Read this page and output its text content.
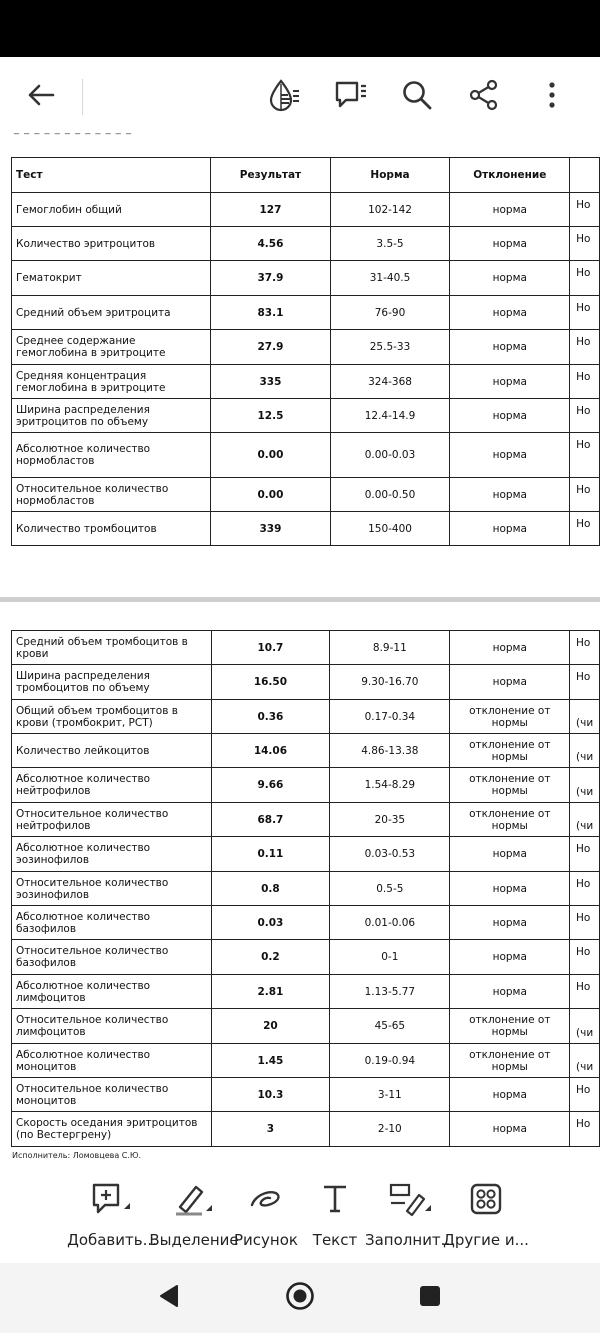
‾ ‾ ‾ ‾ ‾ ‾ ‾ ‾ ‾ ‾ ‾ ‾
Тест	Результат	Норма	Отклонение	
Гемоглобин общий	127	102-142	норма	Но
Количество эритроцитов	4.56	3.5-5	норма	Но
Гематокрит	37.9	31-40.5	норма	Но
Средний объем эритроцита	83.1	76-90	норма	Но
Среднее содержание гемоглобина в эритроците	27.9	25.5-33	норма	Но
Средняя концентрация гемоглобина в эритроците	335	324-368	норма	Но
Ширина распределения эритроцитов по объему	12.5	12.4-14.9	норма	Но
Абсолютное количество нормобластов	0.00	0.00-0.03	норма	Но
Относительное количество нормобластов	0.00	0.00-0.50	норма	Но
Количество тромбоцитов	339	150-400	норма	Но
Средний объем тромбоцитов в крови	10.7	8.9-11	норма	Но
Ширина распределения тромбоцитов по объему	16.50	9.30-16.70	норма	Но
Общий объем тромбоцитов в крови (тромбокрит, PCT)	0.36	0.17-0.34	отклонение от нормы	(чи
Количество лейкоцитов	14.06	4.86-13.38	отклонение от нормы	(чи
Абсолютное количество нейтрофилов	9.66	1.54-8.29	отклонение от нормы	(чи
Относительное количество нейтрофилов	68.7	20-35	отклонение от нормы	(чи
Абсолютное количество эозинофилов	0.11	0.03-0.53	норма	Но
Относительное количество эозинофилов	0.8	0.5-5	норма	Но
Абсолютное количество базофилов	0.03	0.01-0.06	норма	Но
Относительное количество базофилов	0.2	0-1	норма	Но
Абсолютное количество лимфоцитов	2.81	1.13-5.77	норма	Но
Относительное количество лимфоцитов	20	45-65	отклонение от нормы	(чи
Абсолютное количество моноцитов	1.45	0.19-0.94	отклонение от нормы	(чи
Относительное количество моноцитов	10.3	3-11	норма	Но
Скорость оседания эритроцитов (по Вестергрену)	3	2-10	норма	Но
Исполнитель: Ломовцева С.Ю.
Добавить...
Выделение
Рисунок Текст Заполнит...
Другие и...
